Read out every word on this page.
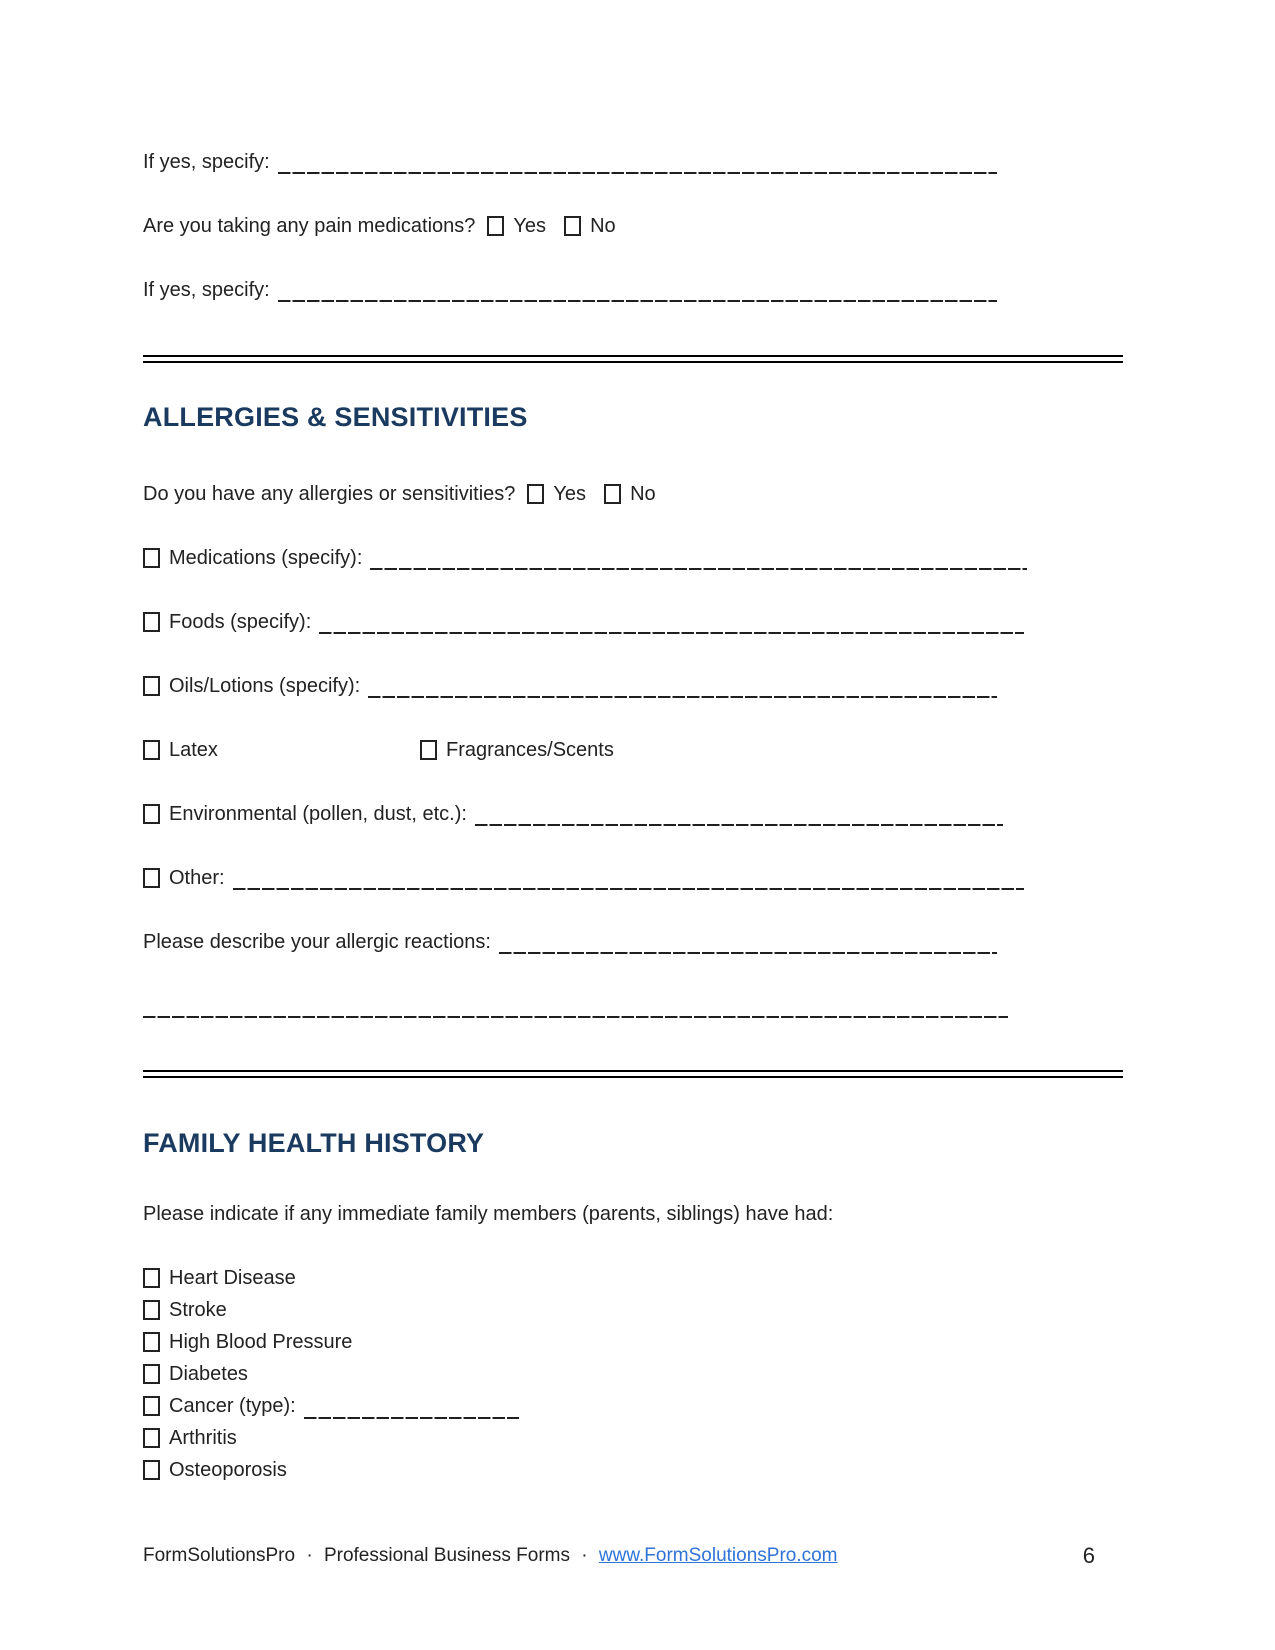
If yes, specify:
Are you taking any pain medications? Yes No
If yes, specify:
ALLERGIES & SENSITIVITIES
Do you have any allergies or sensitivities? Yes No
Medications (specify):
Foods (specify):
Oils/Lotions (specify):
Latex	Fragrances/Scents
Environmental (pollen, dust, etc.):
Other:
Please describe your allergic reactions:
FAMILY HEALTH HISTORY
Please indicate if any immediate family members (parents, siblings) have had:
Heart Disease
Stroke
High Blood Pressure
Diabetes
Cancer (type):
Arthritis
Osteoporosis
FormSolutionsPro · Professional Business Forms · www.FormSolutionsPro.com	6
